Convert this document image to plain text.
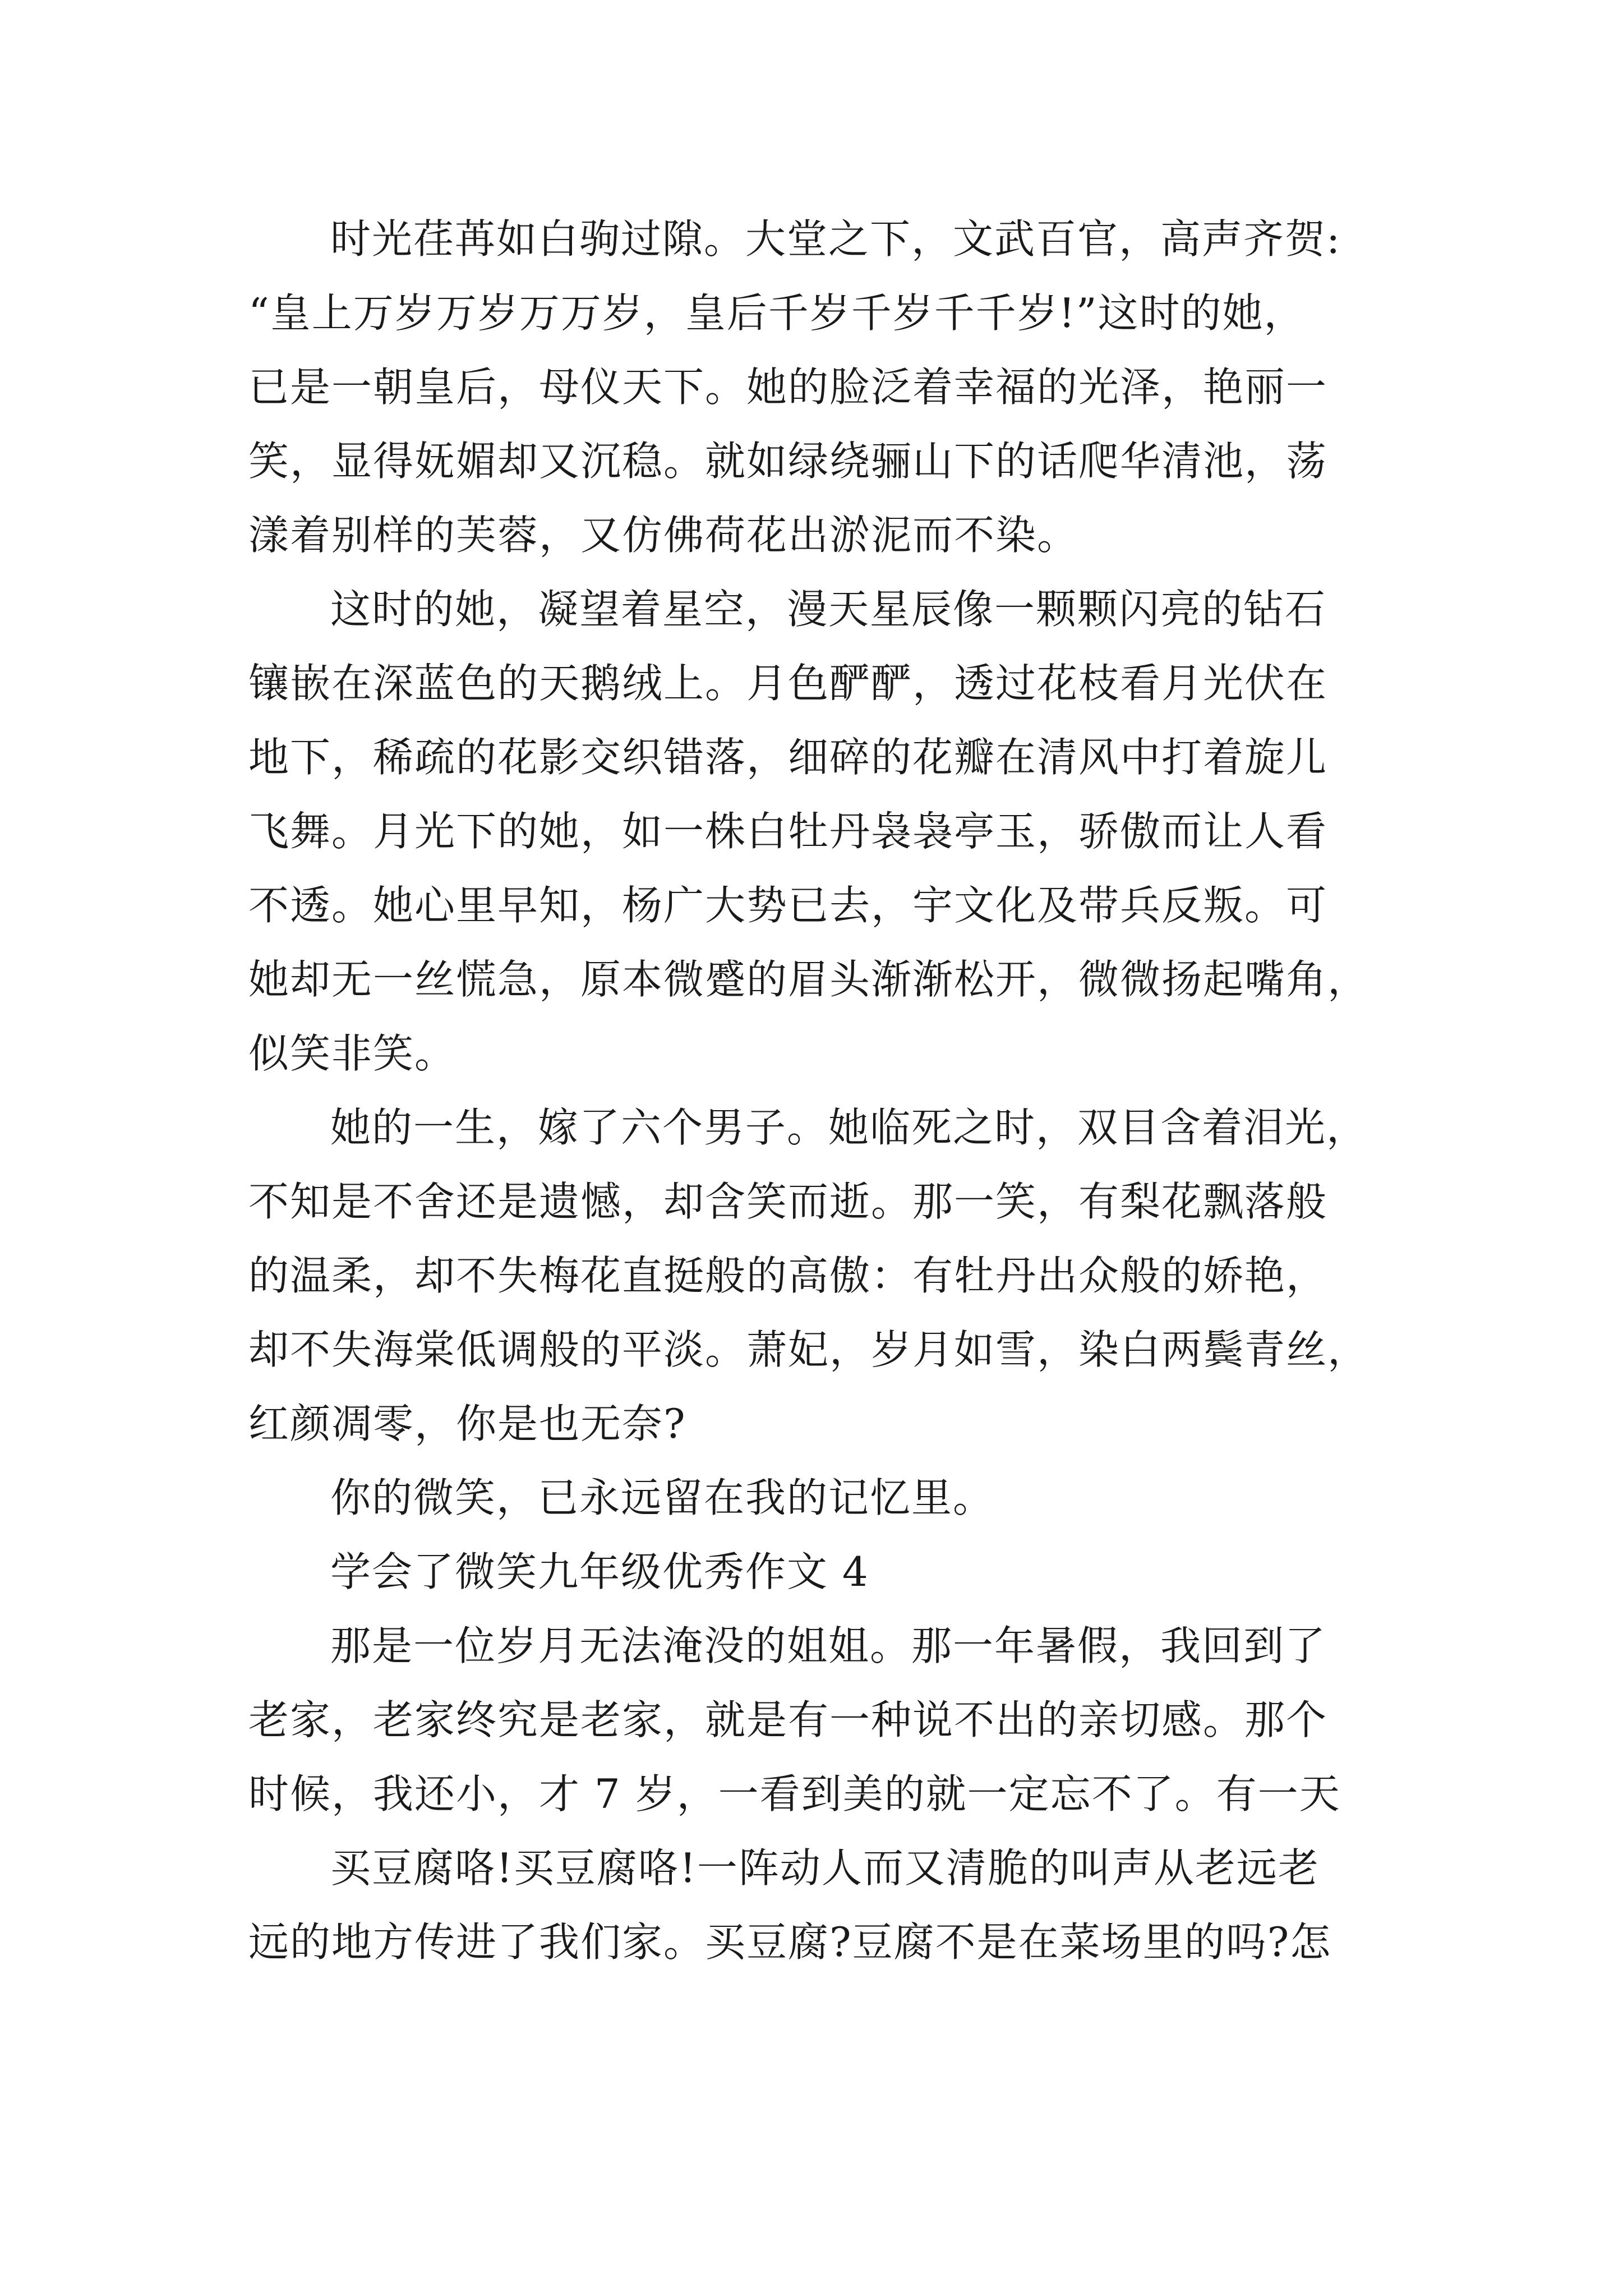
时光荏苒如白驹过隙。大堂之下，文武百官，高声齐贺:
“皇上万岁万岁万万岁，皇后千岁千岁千千岁!”这时的她，
已是一朝皇后，母仪天下。她的脸泛着幸福的光泽，艳丽一
笑，显得妩媚却又沉稳。就如绿绕骊山下的话爬华清池，荡
漾着别样的芙蓉，又仿佛荷花出淤泥而不染。
这时的她，凝望着星空，漫天星辰像一颗颗闪亮的钻石
镶嵌在深蓝色的天鹅绒上。月色酽酽，透过花枝看月光伏在
地下，稀疏的花影交织错落，细碎的花瓣在清风中打着旋儿
飞舞。月光下的她，如一株白牡丹袅袅亭玉，骄傲而让人看
不透。她心里早知，杨广大势已去，宇文化及带兵反叛。可
她却无一丝慌急，原本微蹙的眉头渐渐松开，微微扬起嘴角，
似笑非笑。
她的一生，嫁了六个男子。她临死之时，双目含着泪光，
不知是不舍还是遗憾，却含笑而逝。那一笑，有梨花飘落般
的温柔，却不失梅花直挺般的高傲：有牡丹出众般的娇艳，
却不失海棠低调般的平淡。萧妃，岁月如雪，染白两鬓青丝，
红颜凋零，你是也无奈?
你的微笑，已永远留在我的记忆里。
学会了微笑九年级优秀作文 4
那是一位岁月无法淹没的姐姐。那一年暑假，我回到了
老家，老家终究是老家，就是有一种说不出的亲切感。那个
时候，我还小，才 7 岁，一看到美的就一定忘不了。有一天
买豆腐咯!买豆腐咯!一阵动人而又清脆的叫声从老远老
远的地方传进了我们家。买豆腐?豆腐不是在菜场里的吗?怎
